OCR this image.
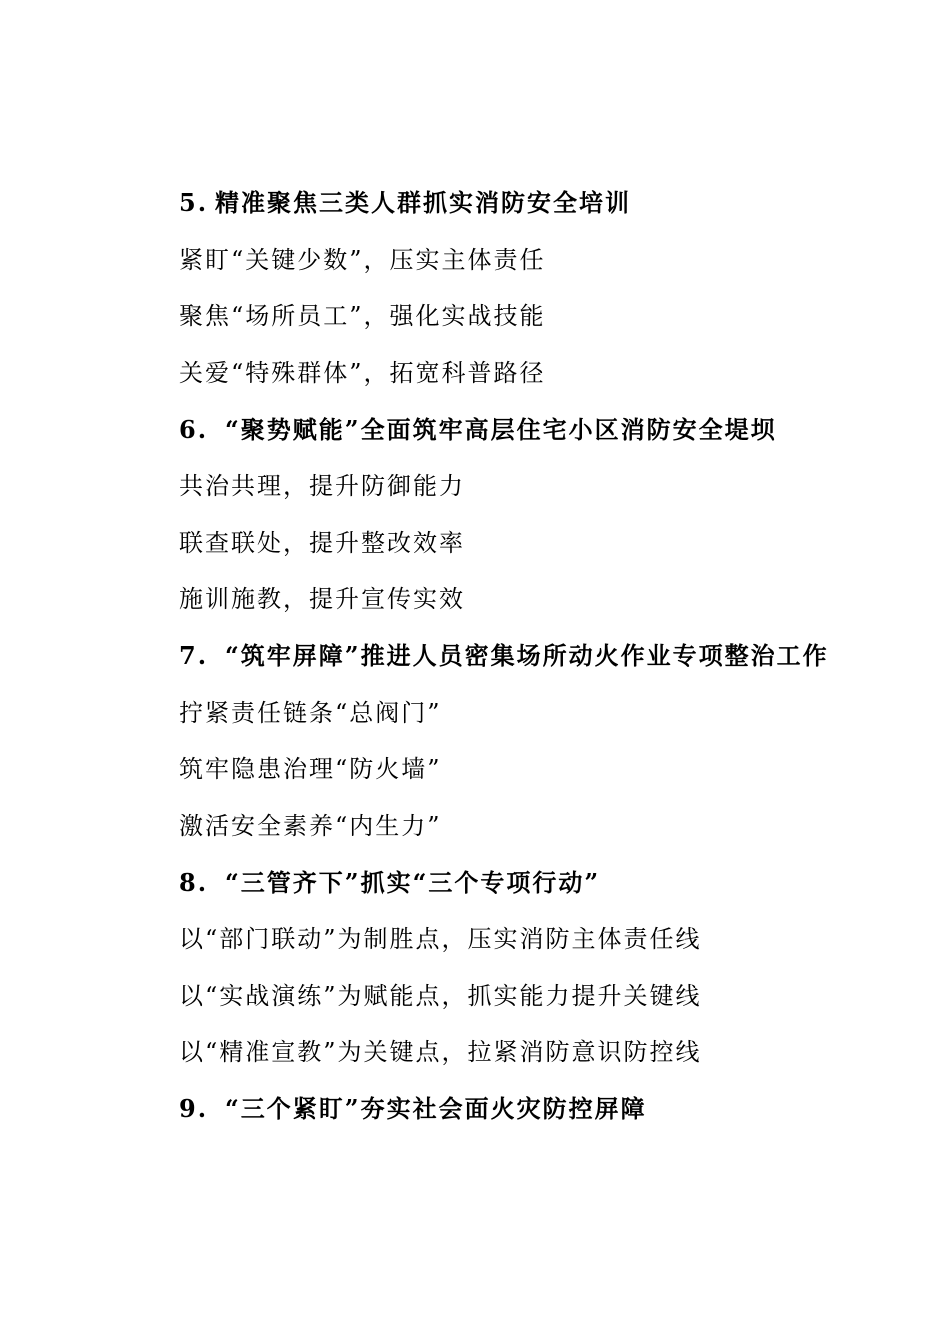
5. 精准聚焦三类人群抓实消防安全培训
紧盯“关键少数”，压实主体责任
聚焦“场所员工”，强化实战技能
关爱“特殊群体”，拓宽科普路径
6. “聚势赋能”全面筑牢高层住宅小区消防安全堤坝
共治共理，提升防御能力
联查联处，提升整改效率
施训施教，提升宣传实效
7. “筑牢屏障”推进人员密集场所动火作业专项整治工作
拧紧责任链条“总阀门”
筑牢隐患治理“防火墙”
激活安全素养“内生力”
8. “三管齐下”抓实“三个专项行动”
以“部门联动”为制胜点，压实消防主体责任线
以“实战演练”为赋能点，抓实能力提升关键线
以“精准宣教”为关键点，拉紧消防意识防控线
9. “三个紧盯”夯实社会面火灾防控屏障
